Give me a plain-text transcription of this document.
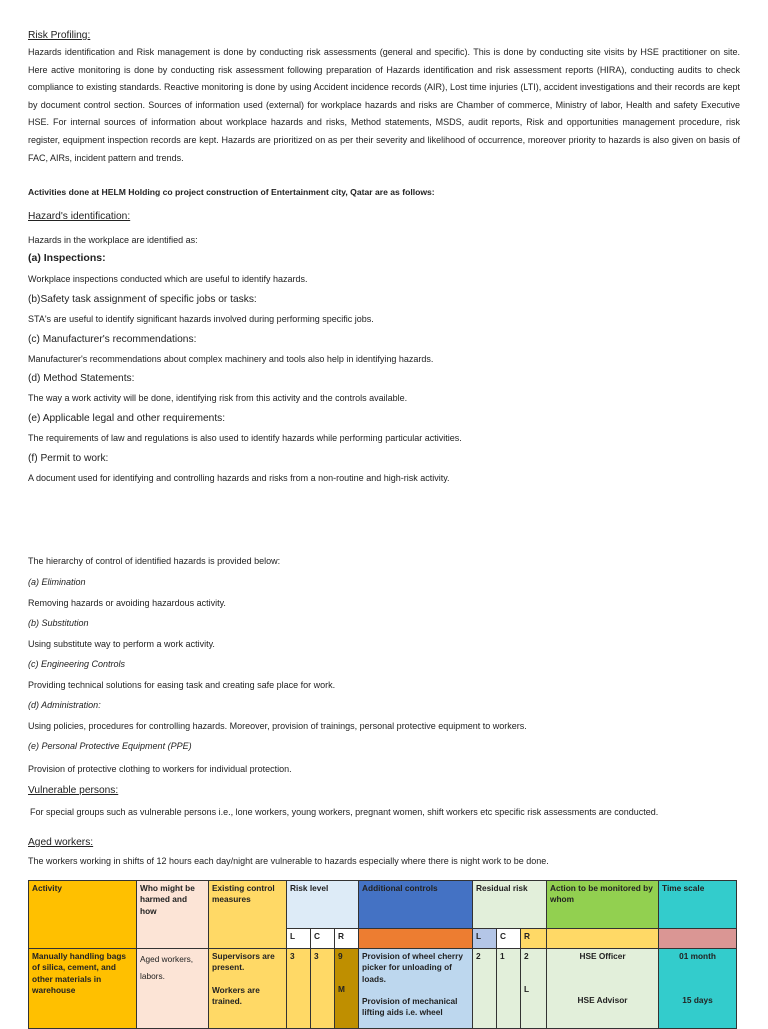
Risk Profiling:

Hazards identification and Risk management is done by conducting risk assessments (general and specific). This is done by conducting site visits by HSE practitioner on site. Here active monitoring is done by conducting risk assessment following preparation of Hazards identification and risk assessment reports (HIRA), conducting audits to check compliance to existing standards. Reactive monitoring is done by using Accident incidence records (AIR), Lost time injuries (LTI), accident investigations and their records are kept by document control section. Sources of information used (external) for workplace hazards and risks are Chamber of commerce, Ministry of labor, Health and safety Executive HSE. For internal sources of information about workplace hazards and risks, Method statements, MSDS, audit reports, Risk and opportunities management procedure, risk register, equipment inspection records are kept. Hazards are prioritized on as per their severity and likelihood of occurrence, moreover priority to hazards is also given on basis of FAC, AIRs, incident pattern and trends.

Activities done at HELM Holding co project construction of Entertainment city, Qatar are as follows:

Hazard's identification:

Hazards in the workplace are identified as:

(a) Inspections:

Workplace inspections conducted which are useful to identify hazards.

(b)Safety task assignment of specific jobs or tasks:

STA's are useful to identify significant hazards involved during performing specific jobs.

(c) Manufacturer's recommendations:

Manufacturer's recommendations about complex machinery and tools also help in identifying hazards.

(d) Method Statements:

The way a work activity will be done, identifying risk from this activity and the controls available.

(e) Applicable legal and other requirements:

The requirements of law and regulations is also used to identify hazards while performing particular activities.

(f) Permit to work:

A document used for identifying and controlling hazards and risks from a non-routine and high-risk activity.

The hierarchy of control of identified hazards is provided below:

(a) Elimination

Removing hazards or avoiding hazardous activity.

(b) Substitution

Using substitute way to perform a work activity.

(c) Engineering Controls

Providing technical solutions for easing task and creating safe place for work.

(d) Administration:

Using policies, procedures for controlling hazards. Moreover, provision of trainings, personal protective equipment to workers.

(e) Personal Protective Equipment (PPE)

Provision of protective clothing to workers for individual protection.

Vulnerable persons:

For special groups such as vulnerable persons i.e., lone workers, young workers, pregnant women, shift workers etc specific risk assessments are conducted.

Aged workers:

The workers working in shifts of 12 hours each day/night are vulnerable to hazards especially where there is night work to be done.

Activity	Who might be harmed and how	Existing control measures	Risk level			Additional controls	Residual risk			Action to be monitored by whom	Time scale
			L	C	R		L	C	R		
Manually handling bags of silica, cement, and other materials in warehouse	Aged workers,
labors.	Supervisors are present.
Workers are trained.	3	3	9
M	Provision of wheel cherry picker for unloading of loads.
Provision of mechanical lifting aids i.e. wheel	2	1	2
L	HSE Officer
HSE Advisor	01 month
15 days
